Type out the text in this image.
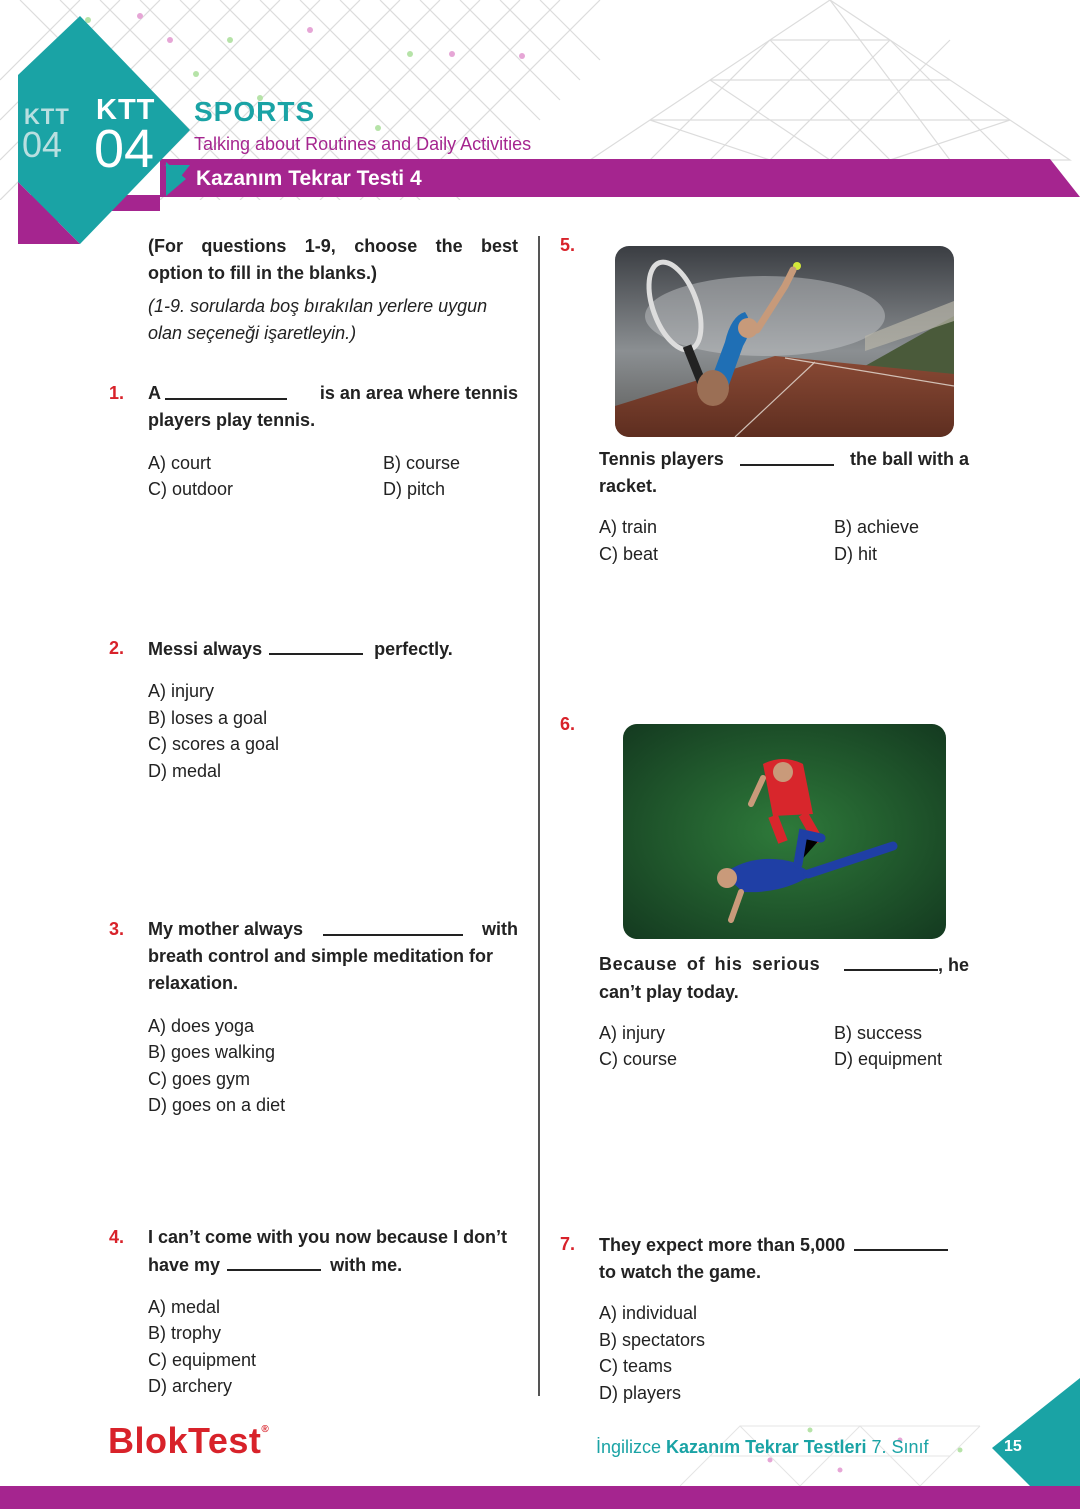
KTT
04
KTT
04
SPORTS
Talking about Routines and Daily Activities
Kazanım Tekrar Testi 4
(For questions 1-9, choose the best
option to fill in the blanks.)
(1-9. sorularda boş bırakılan yerlere uygun olan seçeneği işaretleyin.)
1. A	is an area where tennis
players play tennis.
A) court	B) course
C) outdoor	D) pitch
2. Messi always	perfectly.
A) injury
B) loses a goal
C) scores a goal
D) medal
3. My mother always	with
breath control and simple meditation for
relaxation.
A) does yoga
B) goes walking
C) goes gym
D) goes on a diet
4. I can’t come with you now because I don’t
have my	with me.
A) medal
B) trophy
C) equipment
D) archery
5.
Tennis players	the ball with a
racket.
A) train	B) achieve
C) beat	D) hit
6.
Because of his serious	, he
can’t play today.
A) injury	B) success
C) course	D) equipment
7. They expect more than 5,000
to watch the game.
A) individual
B) spectators
C) teams
D) players
BlokTest®
İngilizce Kazanım Tekrar Testleri 7. Sınıf	15
